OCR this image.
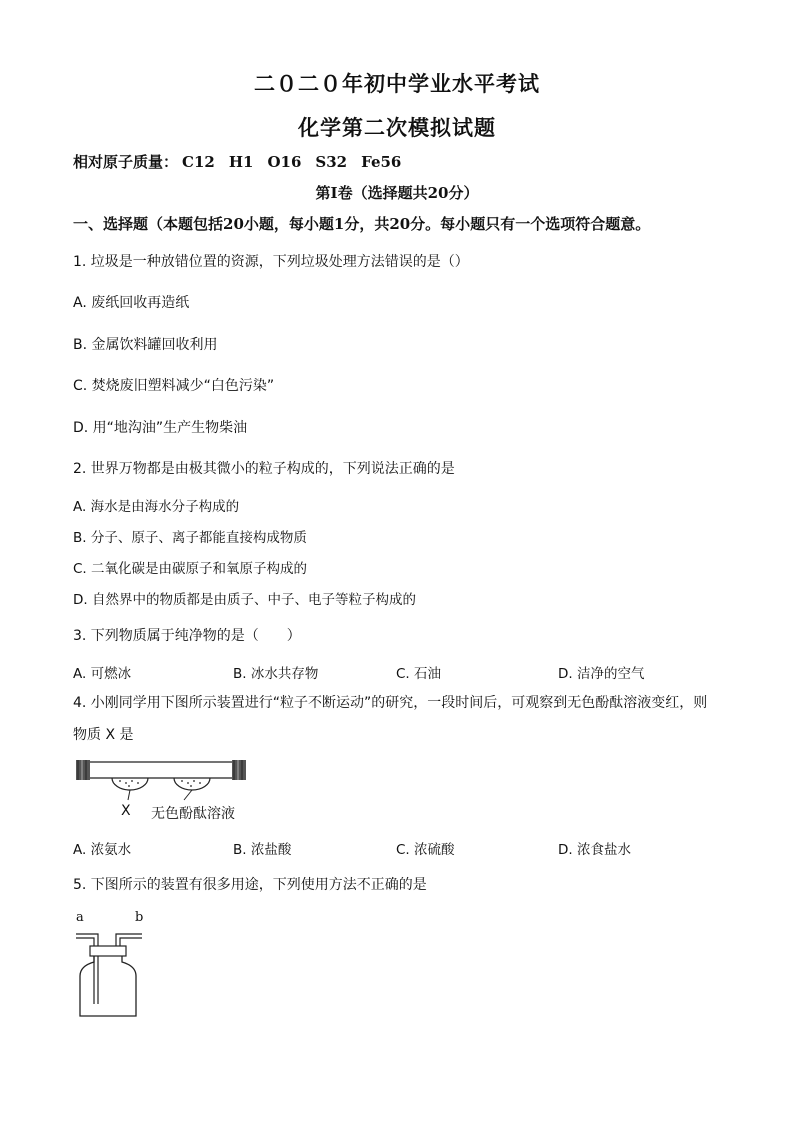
二０二０年初中学业水平考试
化学第二次模拟试题
相对原子质量： C12 H1 O16 S32 Fe56
第Ⅰ卷（选择题共20分）
一、选择题（本题包括20小题，每小题1分，共20分。每小题只有一个选项符合题意。
1. 垃圾是一种放错位置的资源，下列垃圾处理方法错误的是（）
A. 废纸回收再造纸
B. 金属饮料罐回收利用
C. 焚烧废旧塑料减少“白色污染”
D. 用“地沟油”生产生物柴油
2. 世界万物都是由极其微小的粒子构成的，下列说法正确的是
A. 海水是由海水分子构成的
B. 分子、原子、离子都能直接构成物质
C. 二氧化碳是由碳原子和氧原子构成的
D. 自然界中的物质都是由质子、中子、电子等粒子构成的
3. 下列物质属于纯净物的是（　　）
A. 可燃冰	B. 冰水共存物	C. 石油	D. 洁净的空气
4. 小刚同学用下图所示装置进行“粒子不断运动”的研究，一段时间后，可观察到无色酚酞溶液变红，则
物质 X 是
X 无色酚酞溶液
A. 浓氨水	B. 浓盐酸	C. 浓硫酸	D. 浓食盐水
5. 下图所示的装置有很多用途，下列使用方法不正确的是
a	b
